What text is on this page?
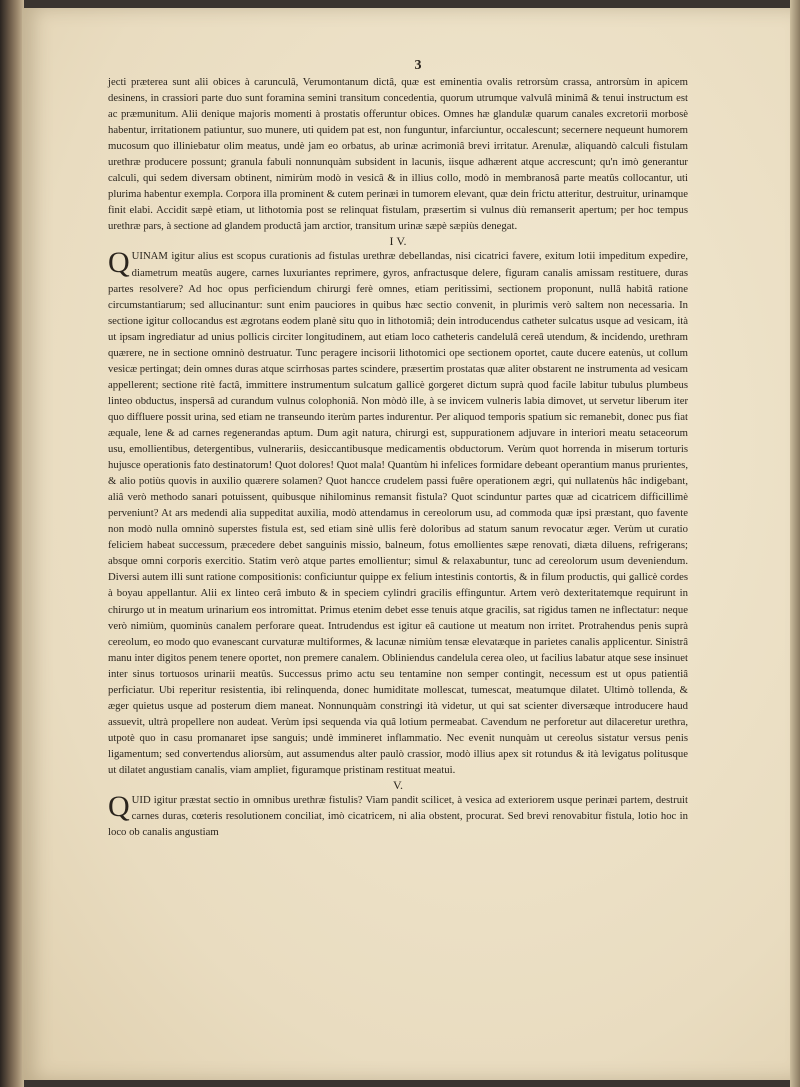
3

jecti præterea sunt alii obices à carunculâ, Verumontanum dictâ, quæ est eminentia ovalis retrorsùm crassa, antrorsùm in apicem desinens, in crassiori parte duo sunt foramina semini transitum concedentia, quorum utrumque valvulâ minimâ & tenui instructum est ac præmunitum. Alii denique majoris momenti à prostatis offeruntur obices. Omnes hæ glandulæ quarum canales excretorii morbosè habentur, irritationem patiuntur, suo munere, uti quidem pat est, non funguntur, infarciuntur, occalescunt; secernere nequeunt humorem mucosum quo illiniebatur olim meatus, undè jam eo orbatus, ab urinæ acrimoniâ brevi irritatur. Arenulæ, aliquandò calculi fistulam urethræ producere possunt; granula fabuli nonnunquàm subsident in lacunis, iisque adhærent atque accrescunt; qu'n imò generantur calculi, qui sedem diversam obtinent, nimirùm modò in vesicâ & in illius collo, modò in membranosâ parte meatûs collocantur, uti plurima habentur exempla. Corpora illa prominent & cutem perinæi in tumorem elevant, quæ dein frictu atteritur, destruitur, urinamque finit elabi. Accidit sæpè etiam, ut lithotomia post se relinquat fistulam, præsertim si vulnus diù remanserit apertum; per hoc tempus urethræ pars, à sectione ad glandem productâ jam arctior, transitum urinæ sæpè sæpiùs denegat.

I V.

QUINAM igitur alius est scopus curationis ad fistulas urethræ debellandas, nisi cicatrici favere, exitum lotii impeditum expedire, diametrum meatûs augere, carnes luxuriantes reprimere, gyros, anfractusque delere, figuram canalis amissam restituere, duras partes resolvere? Ad hoc opus perficiendum chirurgi ferè omnes, etiam peritissimi, sectionem proponunt, nullâ habitâ ratione circumstantiarum; sed allucinantur: sunt enim pauciores in quibus hæc sectio convenit, in plurimis verò saltem non necessaria. In sectione igitur collocandus est ægrotans eodem planè situ quo in lithotomiâ; dein introducendus catheter sulcatus usque ad vesicam, ità ut ipsam ingrediatur ad unius pollicis circiter longitudinem, aut etiam loco catheteris candelulâ cereâ utendum, & incidendo, urethram quærere, ne in sectione omninò destruatur. Tunc peragere incisorii lithotomici ope sectionem oportet, caute ducere eatenùs, ut collum vesicæ pertingat; dein omnes duras atque scirrhosas partes scindere, præsertim prostatas quæ aliter obstarent ne instrumenta ad vesicam appellerent; sectione ritè factâ, immittere instrumentum sulcatum gallicè gorgeret dictum suprà quod facile labitur tubulus plumbeus linteo obductus, inspersâ ad curandum vulnus colophoniâ. Non mòdò ille, à se invicem vulneris labia dimovet, ut servetur liberum iter quo diffluere possit urina, sed etiam ne transeundo iterùm partes indurentur. Per aliquod temporis spatium sic remanebit, donec pus fiat æquale, lene & ad carnes regenerandas aptum. Dum agit natura, chirurgi est, suppurationem adjuvare in interiori meatu setaceorum usu, emollientibus, detergentibus, vulnerariis, desiccantibusque medicamentis obductorum. Verùm quot horrenda in miserum torturis hujusce operationis fato destinatorum! Quot dolores! Quot mala! Quantùm hi infelices formidare debeant operantium manus prurientes, & alio potiùs quovis in auxilio quærere solamen? Quot hancce crudelem passi fuêre operationem ægri, qui nullatenùs hâc indigebant, aliâ verò methodo sanari potuissent, quibusque nihilominus remansit fistula? Quot scinduntur partes quæ ad cicatricem difficillimè perveniunt? At ars medendi alia suppeditat auxilia, modò attendamus in cereolorum usu, ad commoda quæ ipsi præstant, quo favente non modò nulla omninò superstes fistula est, sed etiam sinè ullis ferè doloribus ad statum sanum revocatur æger. Verùm ut curatio feliciem habeat successum, præcedere debet sanguinis missio, balneum, fotus emollientes sæpe renovati, diæta diluens, refrigerans; absque omni corporis exercitio. Statim verò atque partes emollientur; simul & relaxabuntur, tunc ad cereolorum usum deveniendum. Diversi autem illi sunt ratione compositionis: conficiuntur quippe ex felium intestinis contortis, & in filum productis, qui gallicè cordes à boyau appellantur. Alii ex linteo cerâ imbuto & in speciem cylindri gracilis effinguntur. Artem verò dexteritatemque requirunt in chirurgo ut in meatum urinarium eos intromittat. Primus etenim debet esse tenuis atque gracilis, sat rigidus tamen ne inflectatur: neque verò nimiùm, quominùs canalem perforare queat. Intrudendus est igitur eâ cautione ut meatum non irritet. Protrahendus penis suprà cereolum, eo modo quo evanescant curvaturæ multiformes, & lacunæ nimiùm tensæ elevatæque in parietes canalis applicentur. Sinistrâ manu inter digitos penem tenere oportet, non premere canalem. Obliniendus candelula cerea oleo, ut facilius labatur atque sese insinuet inter sinus tortuosos urinarii meatûs. Successus primo actu seu tentamine non semper contingit, necessum est ut opus patientiâ perficiatur. Ubi reperitur resistentia, ibi relinquenda, donec humiditate mollescat, tumescat, meatumque dilatet. Ultimò tollenda, & æger quietus usque ad posterum diem maneat. Nonnunquàm constringi ità videtur, ut qui sat scienter diversæque introducere haud assuevit, ultrà propellere non audeat. Verùm ipsi sequenda via quâ lotium permeabat. Cavendum ne perforetur aut dilaceretur urethra, utpotè quo in casu promanaret ipse sanguis; undè immineret inflammatio. Nec evenit nunquàm ut cereolus sistatur versus penis ligamentum; sed convertendus aliorsùm, aut assumendus alter paulò crassior, modò illius apex sit rotundus & ità levigatus politusque ut dilatet angustiam canalis, viam ampliet, figuramque pristinam restituat meatui.

V.

QUID igitur præstat sectio in omnibus urethræ fistulis? Viam pandit scilicet, à vesica ad exteriorem usque perinæi partem, destruit carnes duras, cœteris resolutionem conciliat, imò cicatricem, ni alia obstent, procurat. Sed brevi renovabitur fistula, lotio hoc in loco ob canalis angustiam
